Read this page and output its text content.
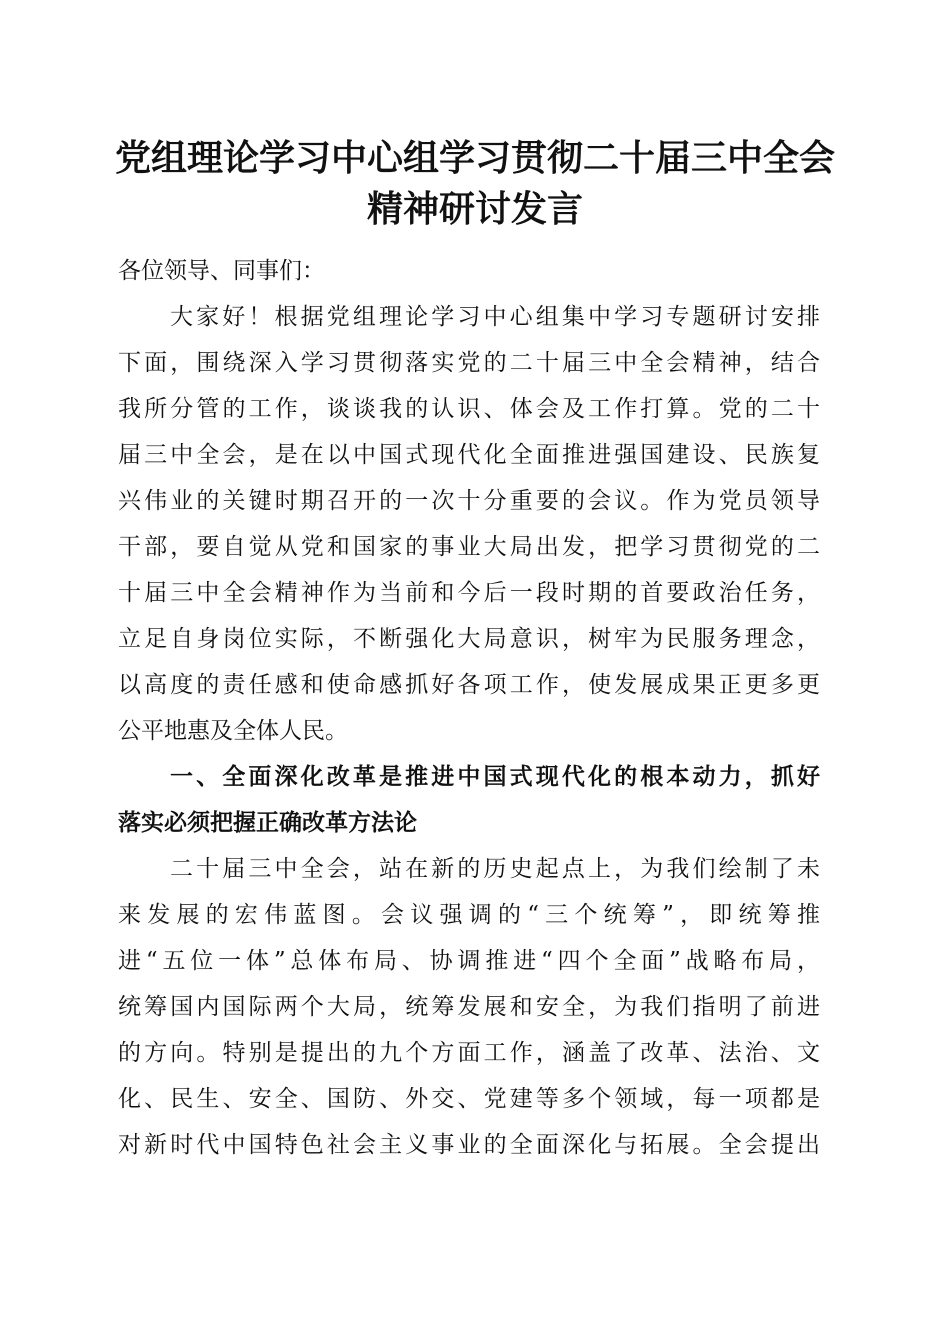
党组理论学习中心组学习贯彻二十届三中全会
精神研讨发言
各位领导、同事们：
大家好！根据党组理论学习中心组集中学习专题研讨安排
下面，围绕深入学习贯彻落实党的二十届三中全会精神，结合
我所分管的工作，谈谈我的认识、体会及工作打算。党的二十
届三中全会，是在以中国式现代化全面推进强国建设、民族复
兴伟业的关键时期召开的一次十分重要的会议。作为党员领导
干部，要自觉从党和国家的事业大局出发，把学习贯彻党的二
十届三中全会精神作为当前和今后一段时期的首要政治任务，
立足自身岗位实际，不断强化大局意识，树牢为民服务理念，
以高度的责任感和使命感抓好各项工作，使发展成果正更多更
公平地惠及全体人民。
一、全面深化改革是推进中国式现代化的根本动力，抓好
落实必须把握正确改革方法论
二十届三中全会，站在新的历史起点上，为我们绘制了未
来发展的宏伟蓝图。会议强调的“三个统筹”，即统筹推
进“五位一体”总体布局、协调推进“四个全面”战略布局，
统筹国内国际两个大局，统筹发展和安全，为我们指明了前进
的方向。特别是提出的九个方面工作，涵盖了改革、法治、文
化、民生、安全、国防、外交、党建等多个领域，每一项都是
对新时代中国特色社会主义事业的全面深化与拓展。全会提出
